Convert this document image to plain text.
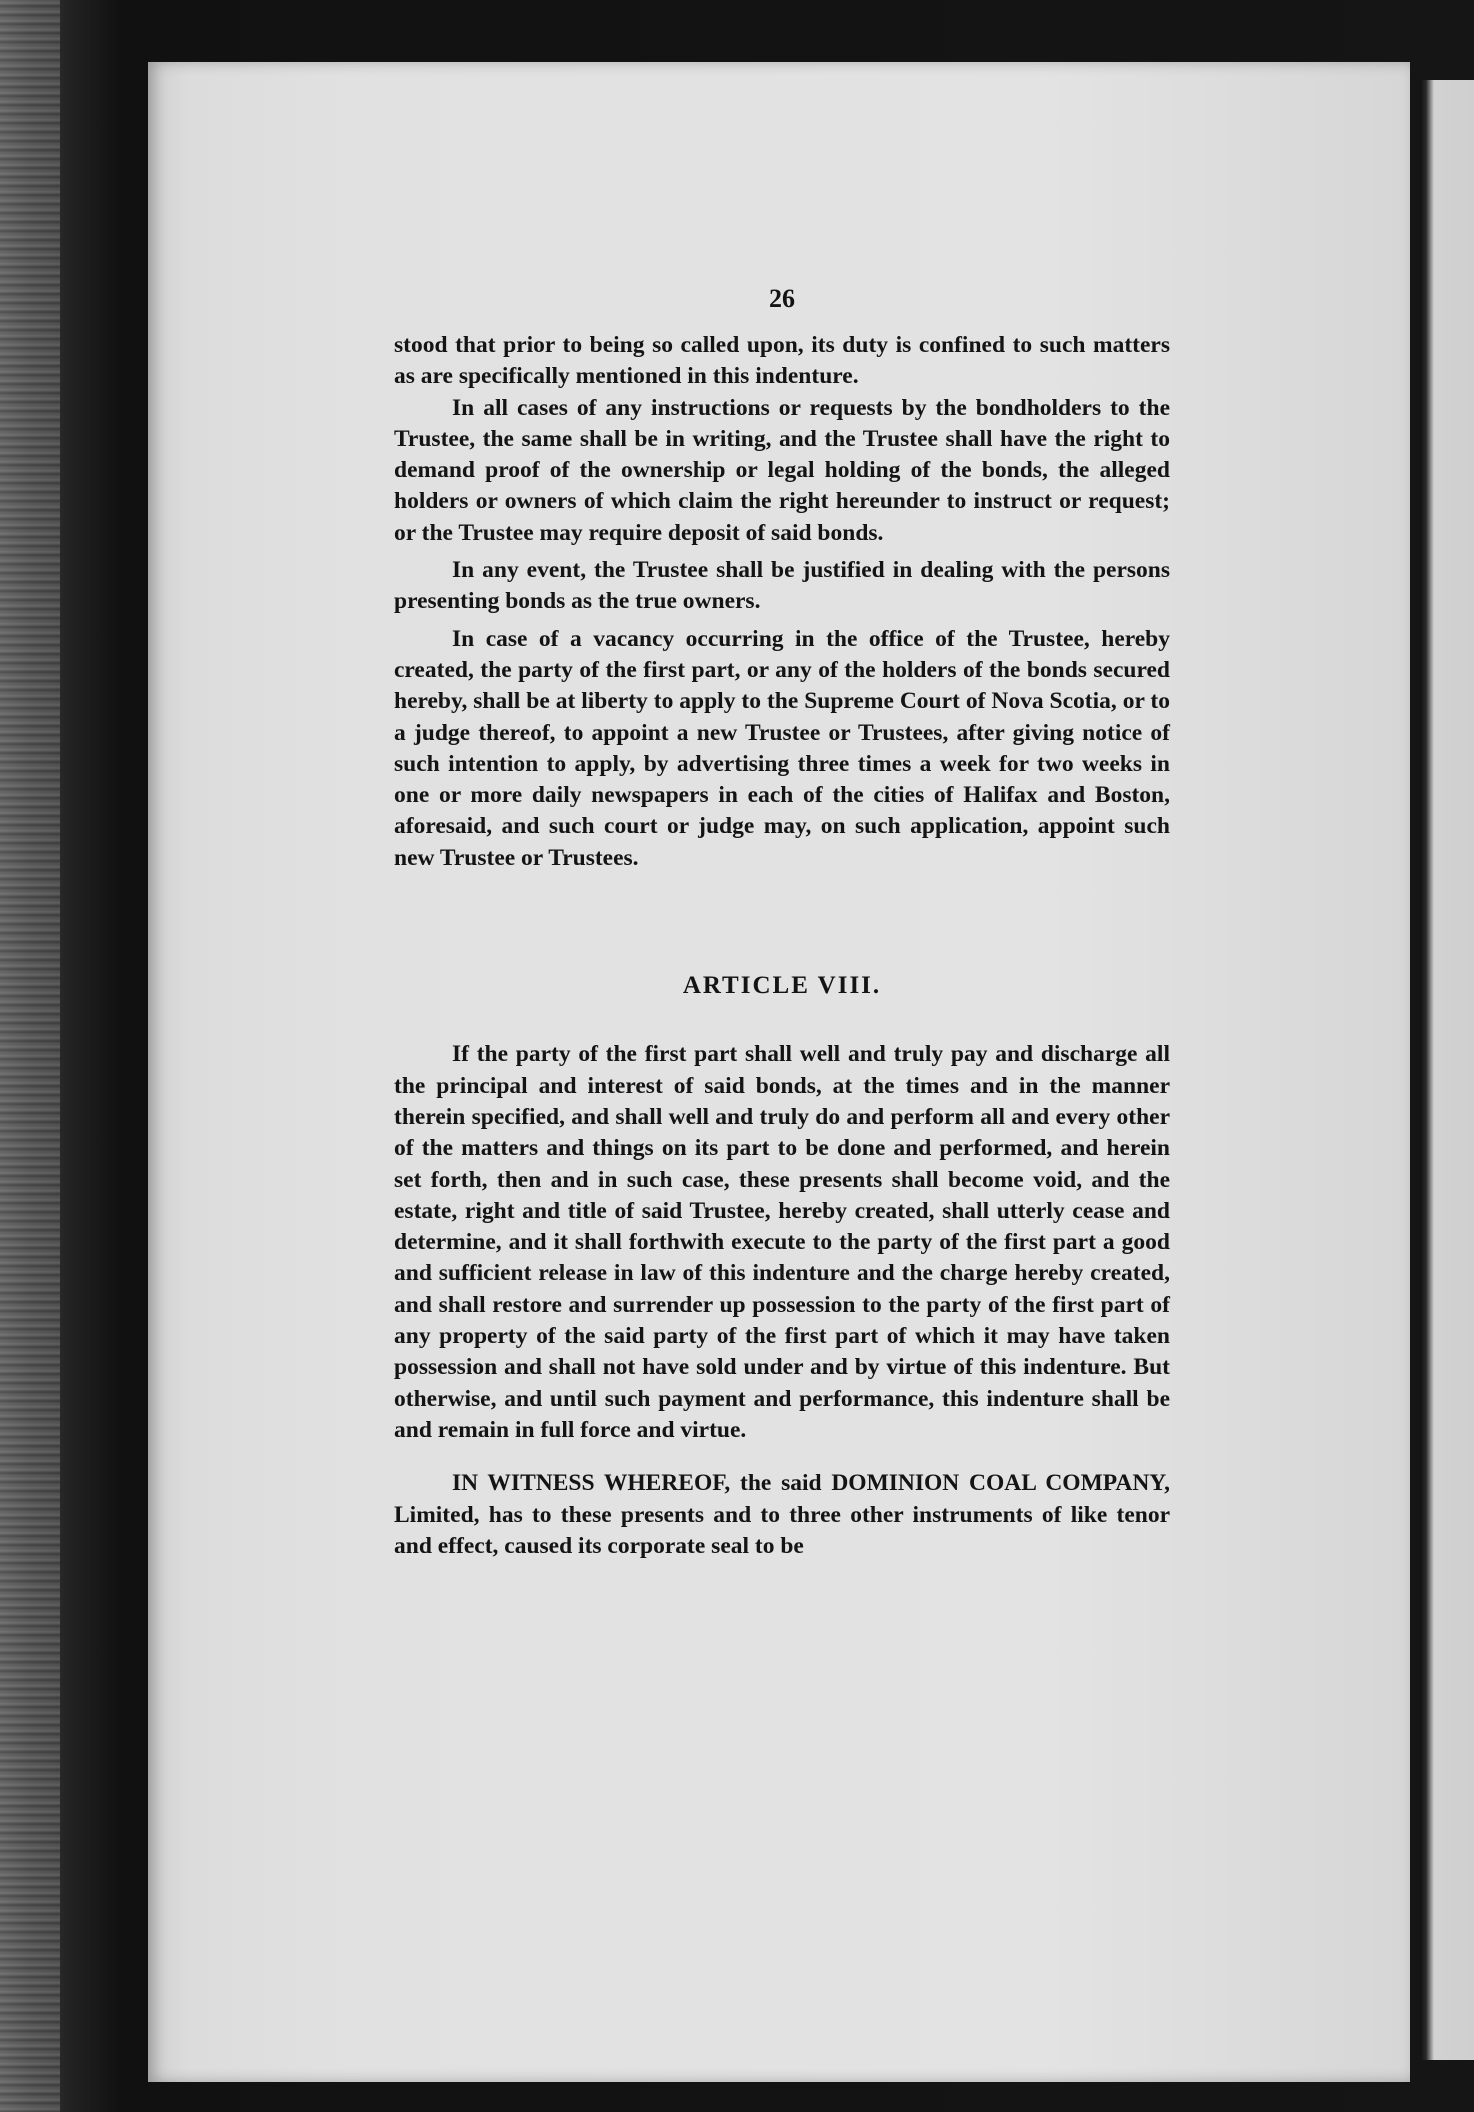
26

stood that prior to being so called upon, its duty is confined to such matters as are specifically mentioned in this indenture.

In all cases of any instructions or requests by the bondholders to the Trustee, the same shall be in writing, and the Trustee shall have the right to demand proof of the ownership or legal holding of the bonds, the alleged holders or owners of which claim the right hereunder to instruct or request; or the Trustee may require deposit of said bonds.

In any event, the Trustee shall be justified in dealing with the persons presenting bonds as the true owners.

In case of a vacancy occurring in the office of the Trustee, hereby created, the party of the first part, or any of the holders of the bonds secured hereby, shall be at liberty to apply to the Supreme Court of Nova Scotia, or to a judge thereof, to appoint a new Trustee or Trustees, after giving notice of such intention to apply, by advertising three times a week for two weeks in one or more daily newspapers in each of the cities of Halifax and Boston, aforesaid, and such court or judge may, on such application, appoint such new Trustee or Trustees.

ARTICLE VIII.

If the party of the first part shall well and truly pay and discharge all the principal and interest of said bonds, at the times and in the manner therein specified, and shall well and truly do and perform all and every other of the matters and things on its part to be done and performed, and herein set forth, then and in such case, these presents shall become void, and the estate, right and title of said Trustee, hereby created, shall utterly cease and determine, and it shall forthwith execute to the party of the first part a good and sufficient release in law of this indenture and the charge hereby created, and shall restore and surrender up possession to the party of the first part of any property of the said party of the first part of which it may have taken possession and shall not have sold under and by virtue of this indenture. But otherwise, and until such payment and performance, this indenture shall be and remain in full force and virtue.

IN WITNESS WHEREOF, the said DOMINION COAL COMPANY, Limited, has to these presents and to three other instruments of like tenor and effect, caused its corporate seal to be
